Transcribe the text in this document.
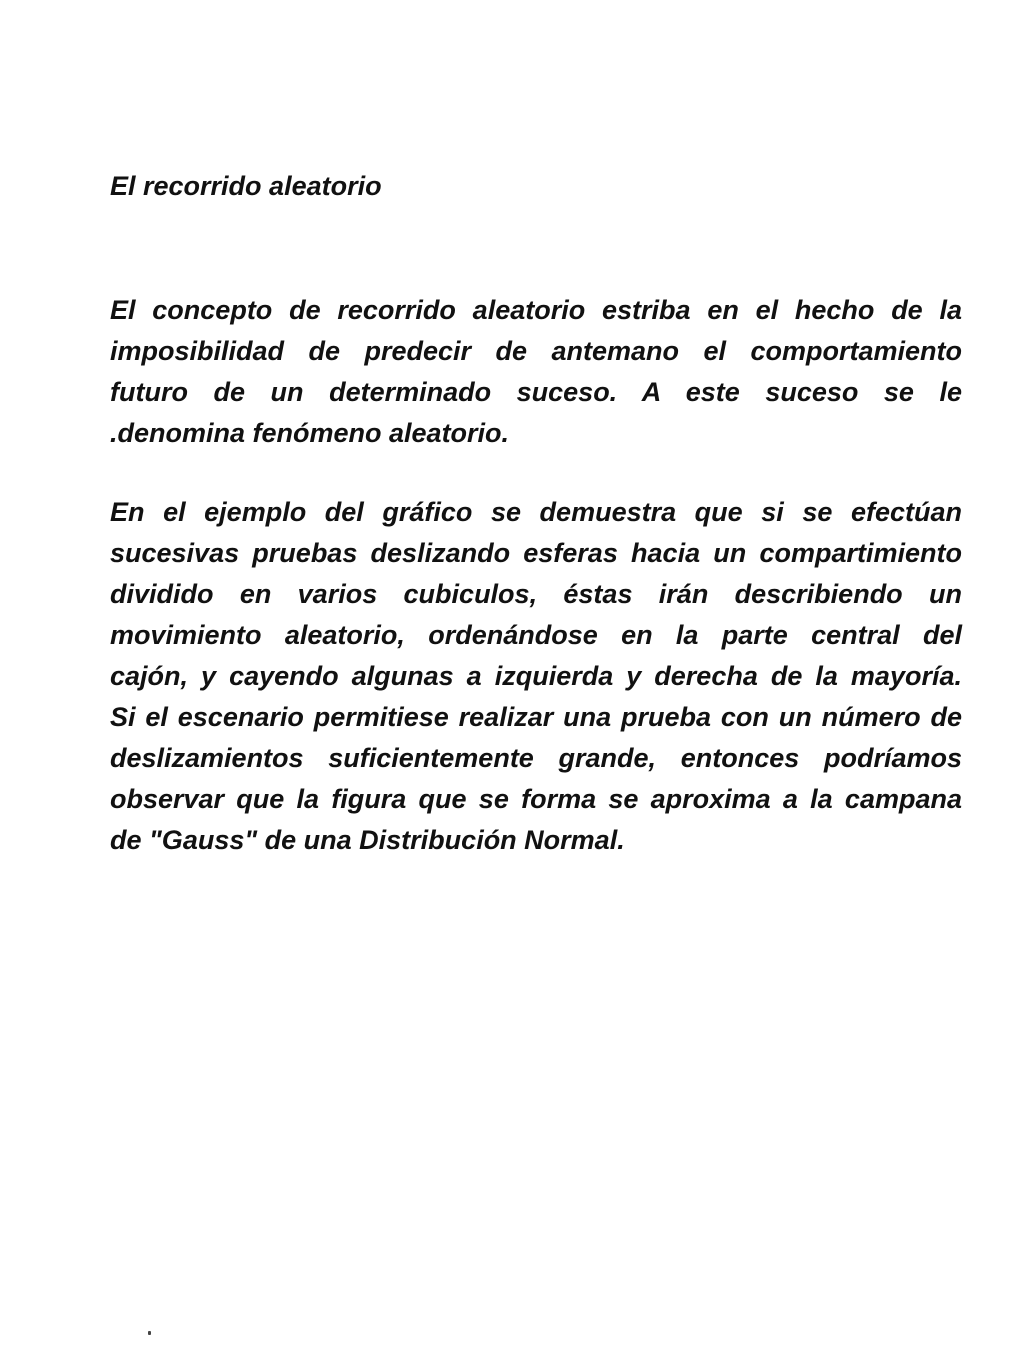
El recorrido aleatorio
El concepto de recorrido aleatorio estriba en el hecho de la
imposibilidad de predecir de antemano el comportamiento
futuro de un determinado suceso. A este suceso se le
.denomina fenómeno aleatorio.
En el ejemplo del gráfico se demuestra que si se efectúan
sucesivas pruebas deslizando esferas hacia un compartimiento
dividido en varios cubiculos, éstas irán describiendo un
movimiento aleatorio, ordenándose en la parte central del
cajón, y cayendo algunas a izquierda y derecha de la mayoría.
Si el escenario permitiese realizar una prueba con un número de
deslizamientos suficientemente grande, entonces podríamos
observar que la figura que se forma se aproxima a la campana
de "Gauss" de una Distribución Normal.
